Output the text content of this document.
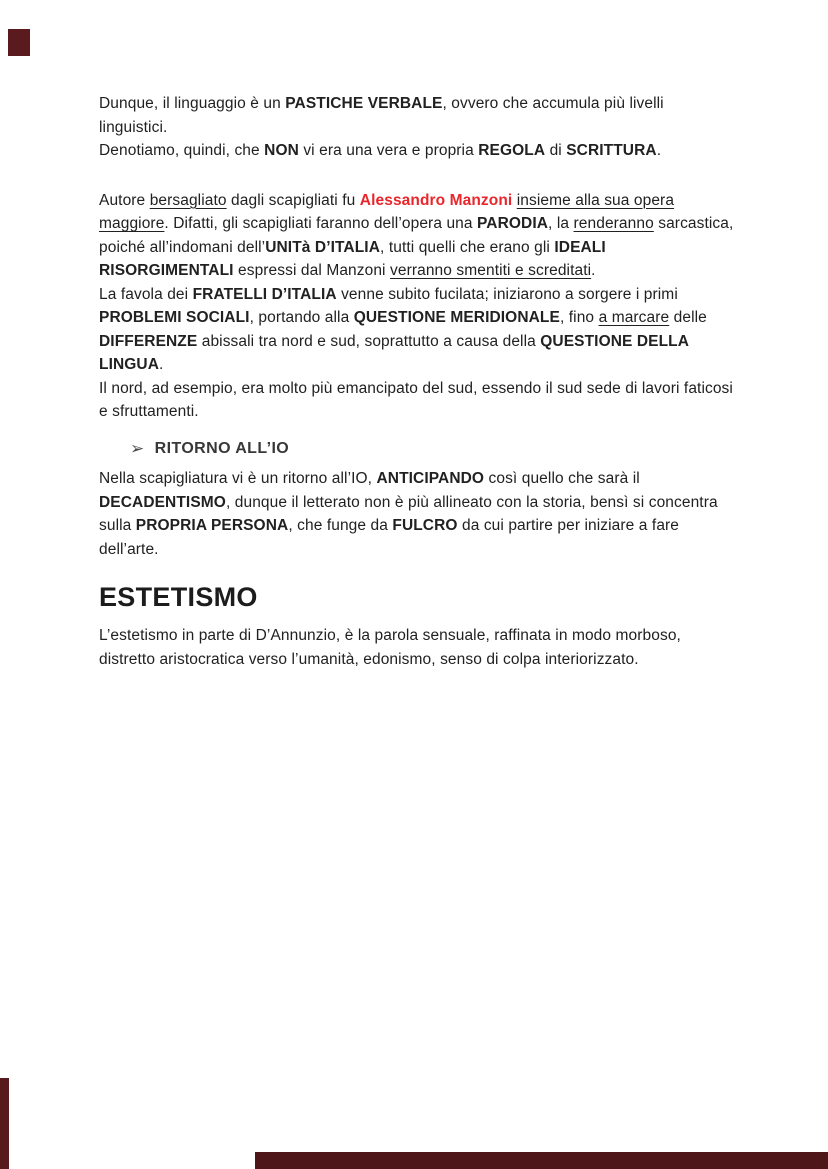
Dunque, il linguaggio è un PASTICHE VERBALE, ovvero che accumula più livelli linguistici.

Denotiamo, quindi, che NON vi era una vera e propria REGOLA di SCRITTURA.

Autore bersagliato dagli scapigliati fu Alessandro Manzoni insieme alla sua opera maggiore. Difatti, gli scapigliati faranno dell’opera una PARODIA, la renderanno sarcastica, poiché all’indomani dell’UNITà D’ITALIA, tutti quelli che erano gli IDEALI RISORGIMENTALI espressi dal Manzoni verranno smentiti e screditati.

La favola dei FRATELLI D’ITALIA venne subito fucilata; iniziarono a sorgere i primi PROBLEMI SOCIALI, portando alla QUESTIONE MERIDIONALE, fino a marcare delle DIFFERENZE abissali tra nord e sud, soprattutto a causa della QUESTIONE DELLA LINGUA.

Il nord, ad esempio, era molto più emancipato del sud, essendo il sud sede di lavori faticosi e sfruttamenti.

➢ RITORNO ALL’IO

Nella scapigliatura vi è un ritorno all’IO, ANTICIPANDO così quello che sarà il DECADENTISMO, dunque il letterato non è più allineato con la storia, bensì si concentra sulla PROPRIA PERSONA, che funge da FULCRO da cui partire per iniziare a fare dell’arte.

ESTETISMO

L’estetismo in parte di D’Annunzio, è la parola sensuale, raffinata in modo morboso, distretto aristocratica verso l’umanità, edonismo, senso di colpa interiorizzato.
